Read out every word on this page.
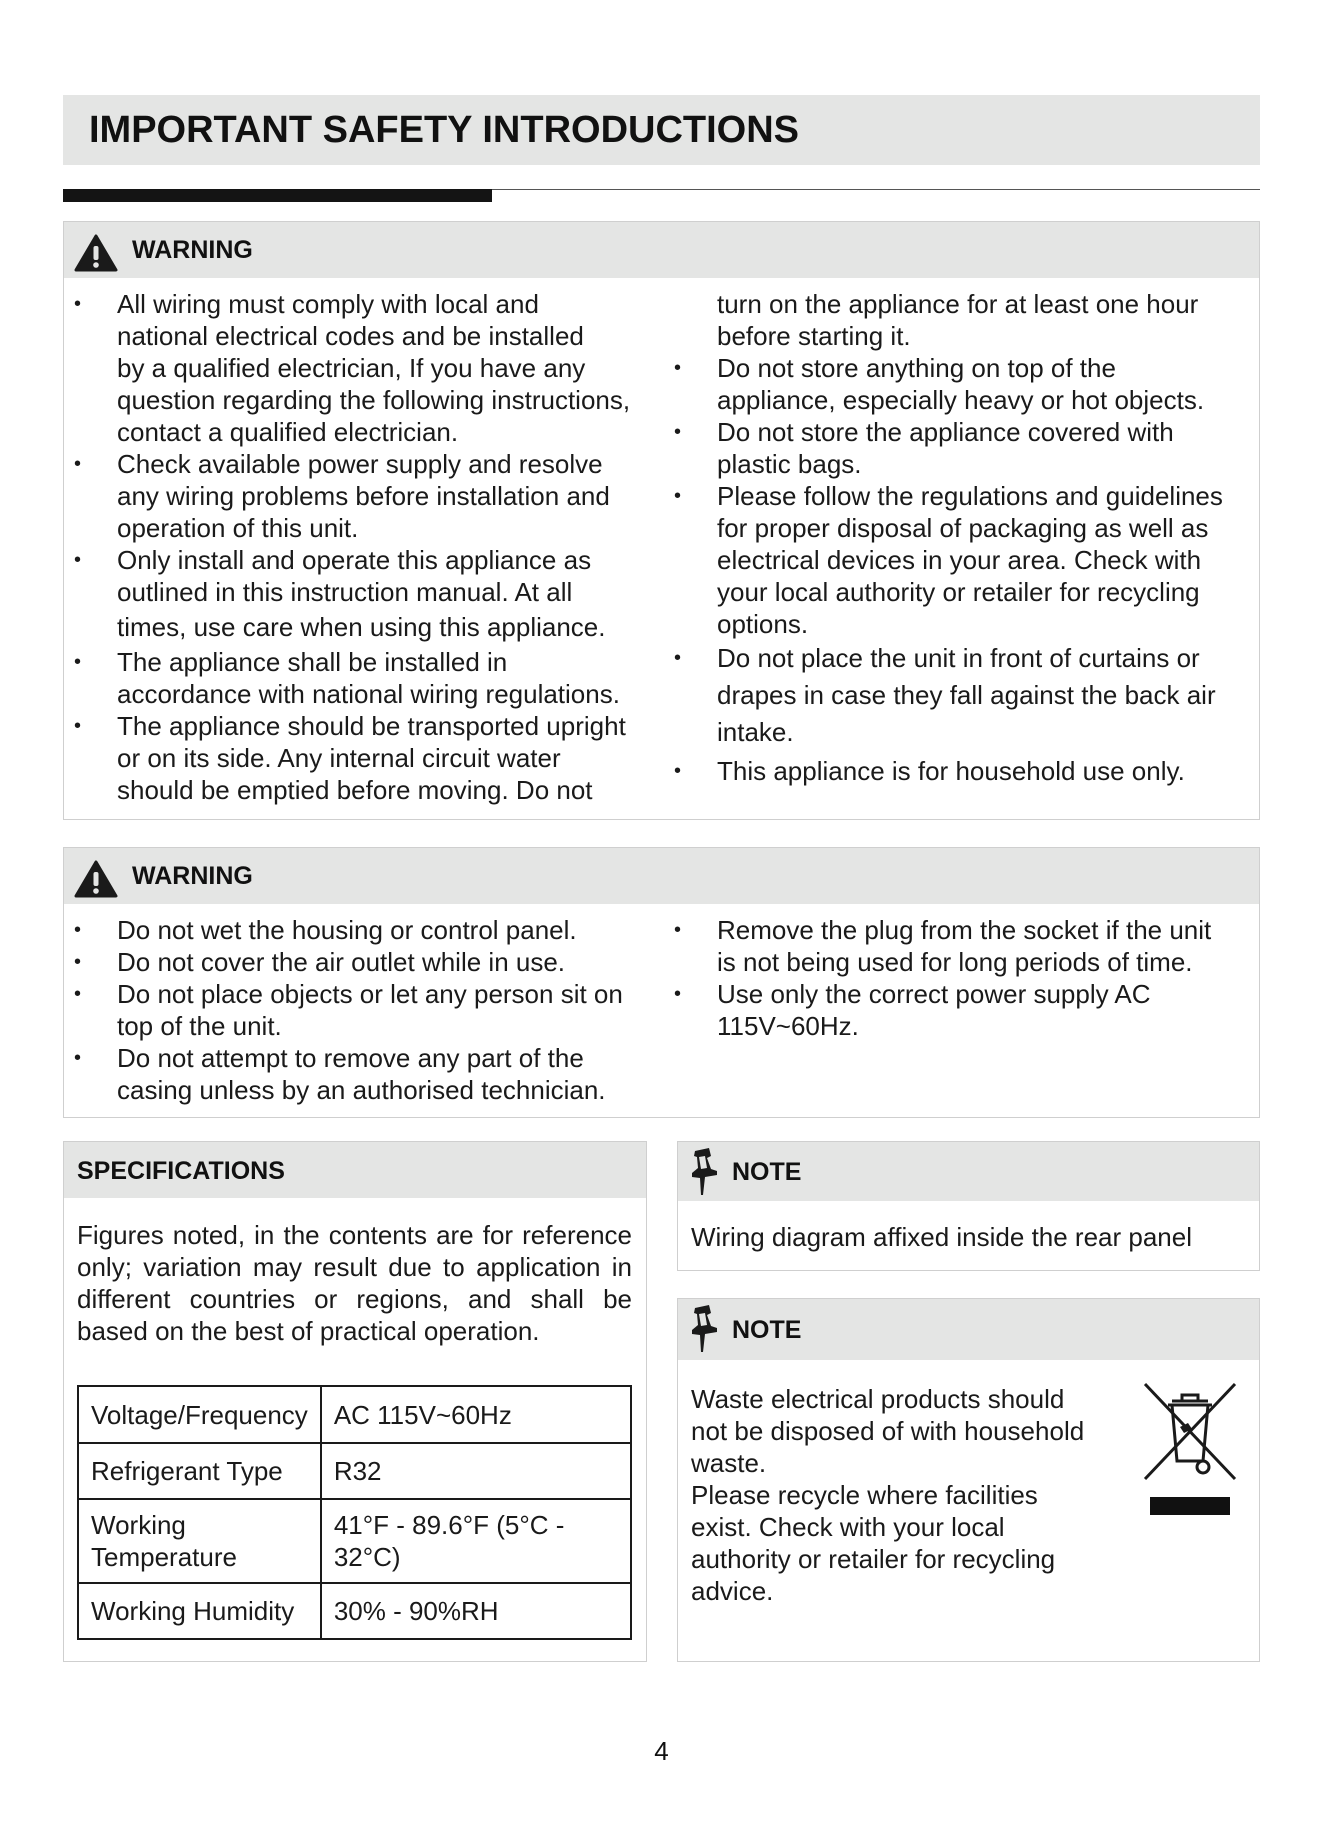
IMPORTANT SAFETY INTRODUCTIONS
WARNING
•	All wiring must comply with local and
national electrical codes and be installed
by a qualified electrician, If you have any
question regarding the following instructions,
contact a qualified electrician.
•	Check available power supply and resolve
any wiring problems before installation and
operation of this unit.
•	Only install and operate this appliance as
outlined in this instruction manual. At all
times, use care when using this appliance.
•	The appliance shall be installed in
accordance with national wiring regulations.
•	The appliance should be transported upright
or on its side. Any internal circuit water
should be emptied before moving. Do not
turn on the appliance for at least one hour
before starting it.
•	Do not store anything on top of the
appliance, especially heavy or hot objects.
•	Do not store the appliance covered with
plastic bags.
•	Please follow the regulations and guidelines
for proper disposal of packaging as well as
electrical devices in your area. Check with
your local authority or retailer for recycling
options.
•	Do not place the unit in front of curtains or
drapes in case they fall against the back air
intake.
•	This appliance is for household use only.
WARNING
•	Do not wet the housing or control panel.
•	Do not cover the air outlet while in use.
•	Do not place objects or let any person sit on
top of the unit.
•	Do not attempt to remove any part of the
casing unless by an authorised technician.
•	Remove the plug from the socket if the unit
is not being used for long periods of time.
•	Use only the correct power supply AC
115V~60Hz.
SPECIFICATIONS
Figures noted, in the contents are for reference only; variation may result due to application in different countries or regions, and shall be based on the best of practical operation.
Voltage/Frequency	AC 115V~60Hz
Refrigerant Type	R32
Working Temperature	41°F - 89.6°F (5°C - 32°C)
Working Humidity	30% - 90%RH
NOTE
Wiring diagram affixed inside the rear panel
NOTE
Waste electrical products should
not be disposed of with household
waste.
Please recycle where facilities
exist. Check with your local
authority or retailer for recycling
advice.
4
